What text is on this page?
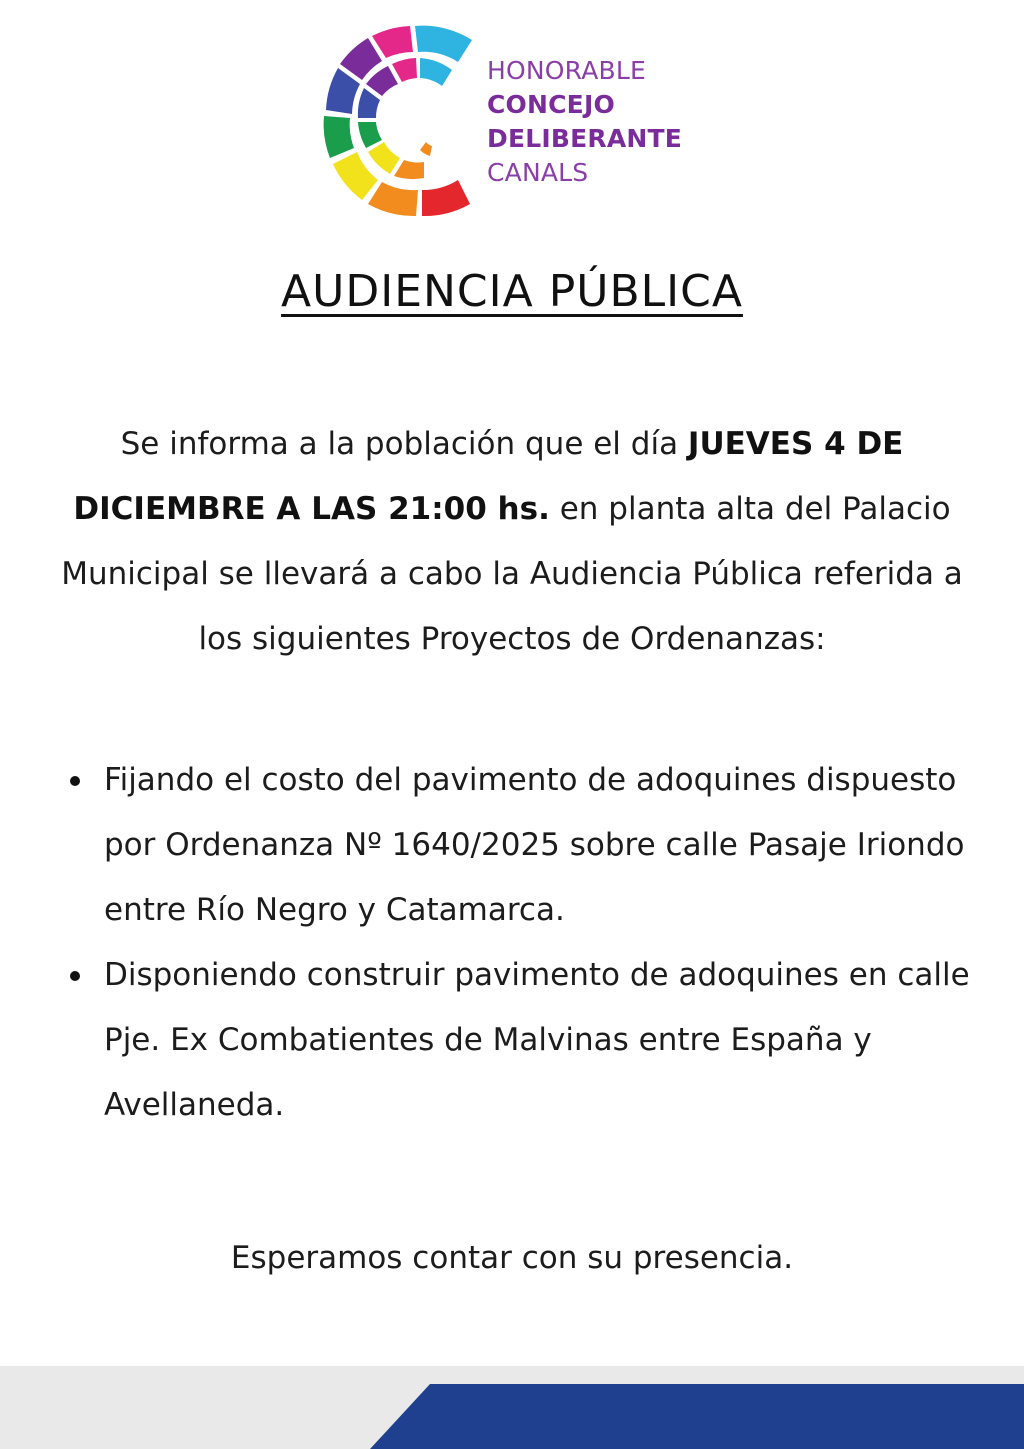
HONORABLE
CONCEJO
DELIBERANTE
CANALS
AUDIENCIA PÚBLICA
Se informa a la población que el día JUEVES 4 DE DICIEMBRE A LAS 21:00 hs. en planta alta del Palacio Municipal se llevará a cabo la Audiencia Pública referida a los siguientes Proyectos de Ordenanzas:
Fijando el costo del pavimento de adoquines dispuesto por Ordenanza Nº 1640/2025 sobre calle Pasaje Iriondo entre Río Negro y Catamarca.
Disponiendo construir pavimento de adoquines en calle Pje. Ex Combatientes de Malvinas entre España y Avellaneda.
Esperamos contar con su presencia.
